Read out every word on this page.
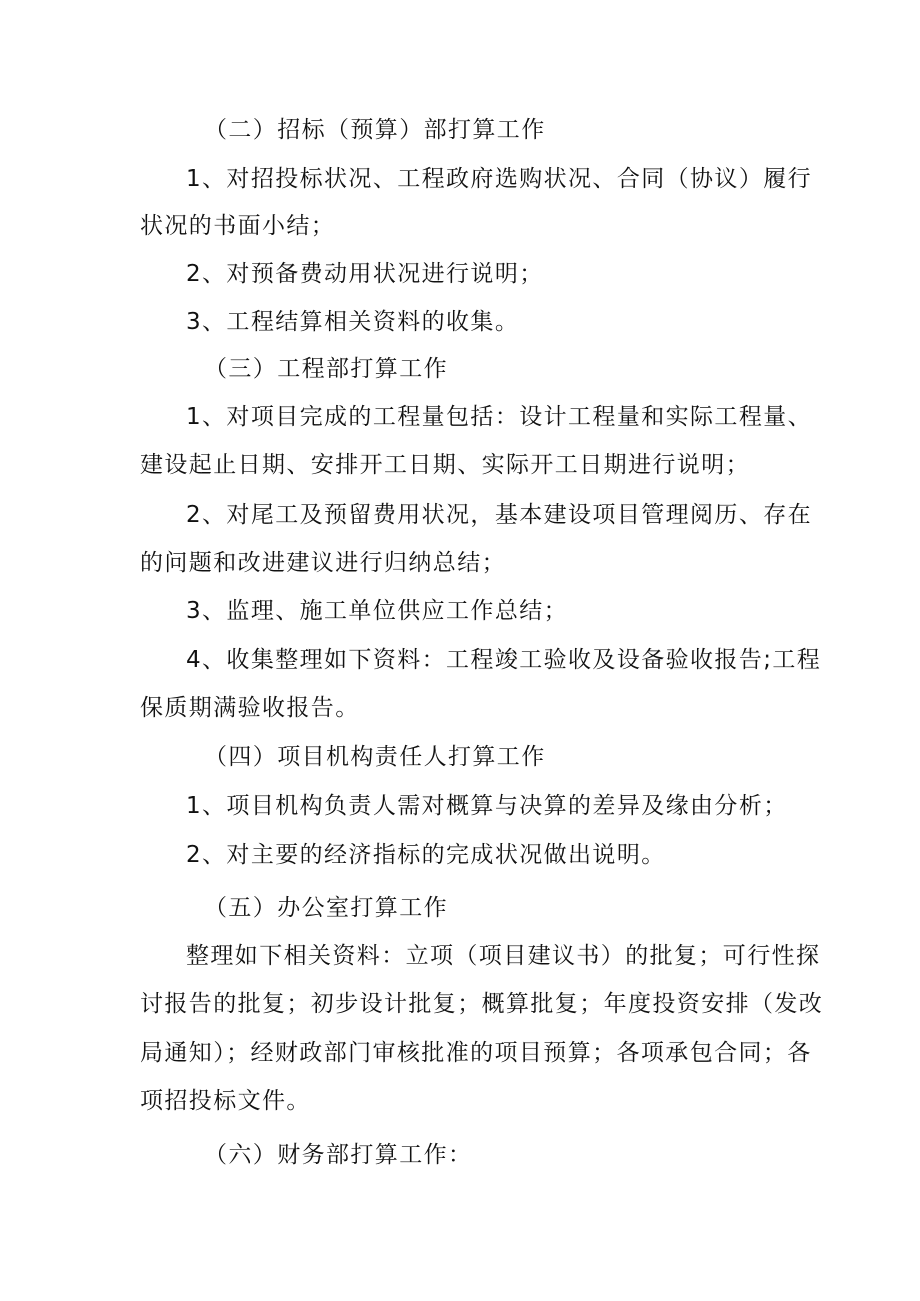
（二）招标（预算）部打算工作
1、对招投标状况、工程政府选购状况、合同（协议）履行
状况的书面小结；
2、对预备费动用状况进行说明；
3、工程结算相关资料的收集。
（三）工程部打算工作
1、对项目完成的工程量包括：设计工程量和实际工程量、
建设起止日期、安排开工日期、实际开工日期进行说明；
2、对尾工及预留费用状况，基本建设项目管理阅历、存在
的问题和改进建议进行归纳总结；
3、监理、施工单位供应工作总结；
4、收集整理如下资料：工程竣工验收及设备验收报告;工程
保质期满验收报告。
（四）项目机构责任人打算工作
1、项目机构负责人需对概算与决算的差异及缘由分析；
2、对主要的经济指标的完成状况做出说明。
（五）办公室打算工作
整理如下相关资料：立项（项目建议书）的批复；可行性探
讨报告的批复；初步设计批复；概算批复；年度投资安排（发改
局通知）；经财政部门审核批准的项目预算；各项承包合同；各
项招投标文件。
（六）财务部打算工作：
